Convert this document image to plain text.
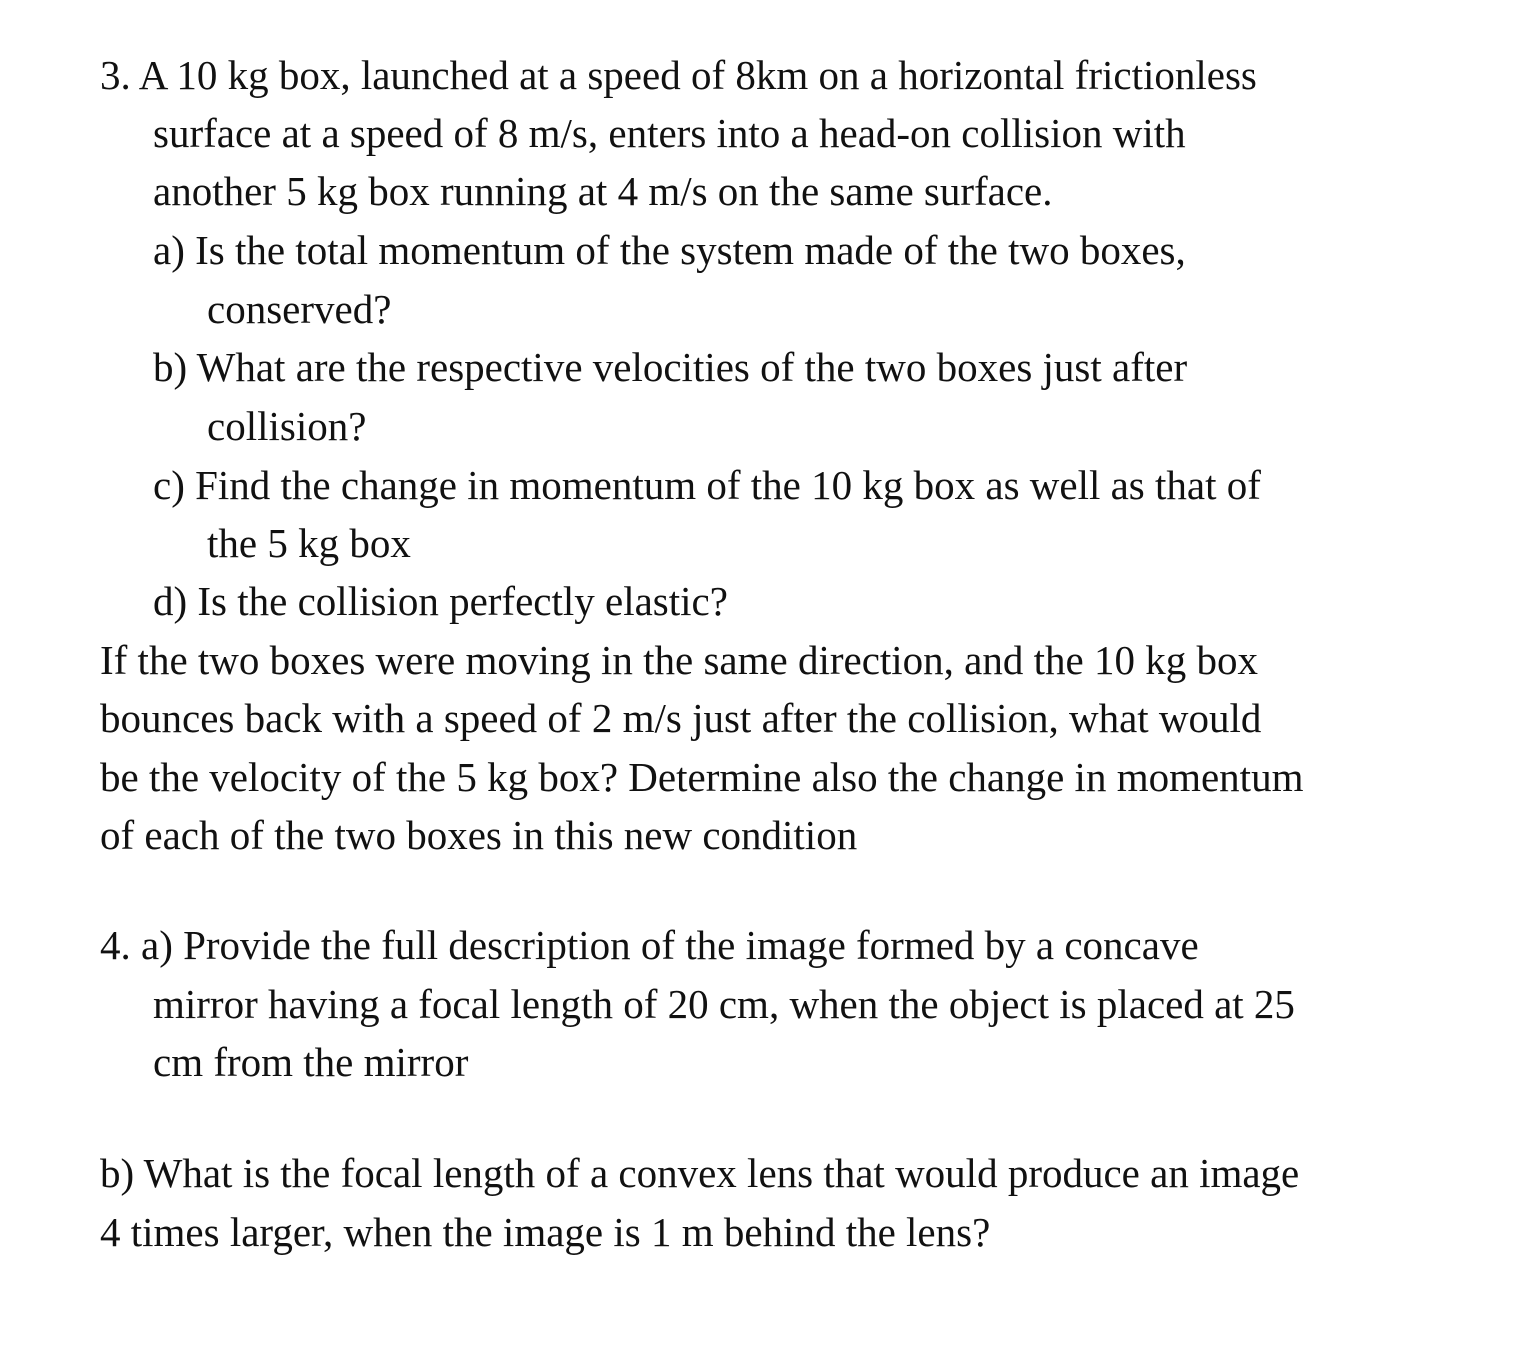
3. A 10 kg box, launched at a speed of 8km on a horizontal frictionless
surface at a speed of 8 m/s, enters into a head-on collision with
another 5 kg box running at 4 m/s on the same surface.
a) Is the total momentum of the system made of the two boxes,
conserved?
b) What are the respective velocities of the two boxes just after
collision?
c) Find the change in momentum of the 10 kg box as well as that of
the 5 kg box
d) Is the collision perfectly elastic?
If the two boxes were moving in the same direction, and the 10 kg box
bounces back with a speed of 2 m/s just after the collision, what would
be the velocity of the 5 kg box? Determine also the change in momentum
of each of the two boxes in this new condition
4. a) Provide the full description of the image formed by a concave
mirror having a focal length of 20 cm, when the object is placed at 25
cm from the mirror
b) What is the focal length of a convex lens that would produce an image
4 times larger, when the image is 1 m behind the lens?
